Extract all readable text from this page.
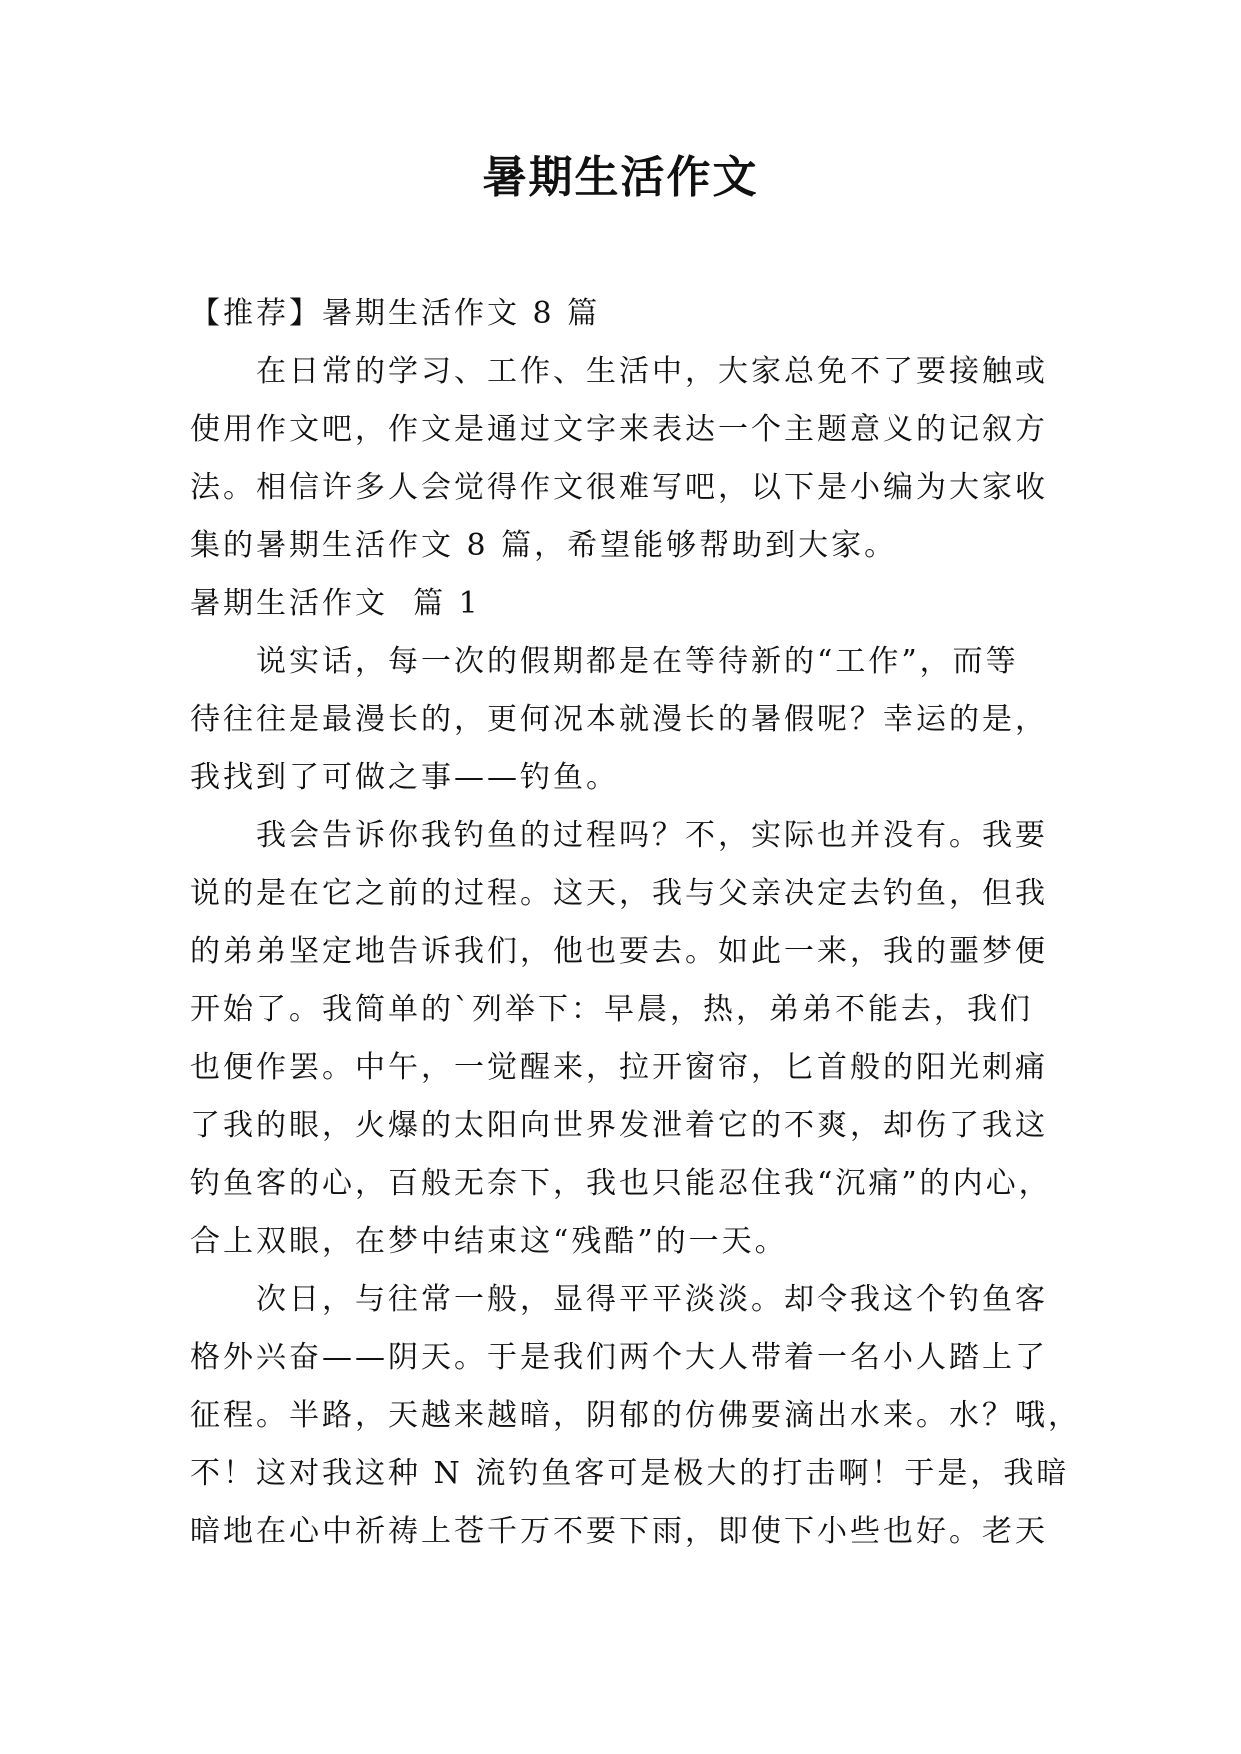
暑期生活作文

【推荐】暑期生活作文 8 篇

在日常的学习、工作、生活中，大家总免不了要接触或

使用作文吧，作文是通过文字来表达一个主题意义的记叙方

法。相信许多人会觉得作文很难写吧，以下是小编为大家收

集的暑期生活作文 8 篇，希望能够帮助到大家。

暑期生活作文  篇 1

说实话，每一次的假期都是在等待新的“工作”，而等

待往往是最漫长的，更何况本就漫长的暑假呢？幸运的是，

我找到了可做之事——钓鱼。

我会告诉你我钓鱼的过程吗？不，实际也并没有。我要

说的是在它之前的过程。这天，我与父亲决定去钓鱼，但我

的弟弟坚定地告诉我们，他也要去。如此一来，我的噩梦便

开始了。我简单的`列举下：早晨，热，弟弟不能去，我们

也便作罢。中午，一觉醒来，拉开窗帘，匕首般的阳光刺痛

了我的眼，火爆的太阳向世界发泄着它的不爽，却伤了我这

钓鱼客的心，百般无奈下，我也只能忍住我“沉痛”的内心，

合上双眼，在梦中结束这“残酷”的一天。

次日，与往常一般，显得平平淡淡。却令我这个钓鱼客

格外兴奋——阴天。于是我们两个大人带着一名小人踏上了

征程。半路，天越来越暗，阴郁的仿佛要滴出水来。水？哦，

不！这对我这种 N 流钓鱼客可是极大的打击啊！于是，我暗

暗地在心中祈祷上苍千万不要下雨，即使下小些也好。老天
